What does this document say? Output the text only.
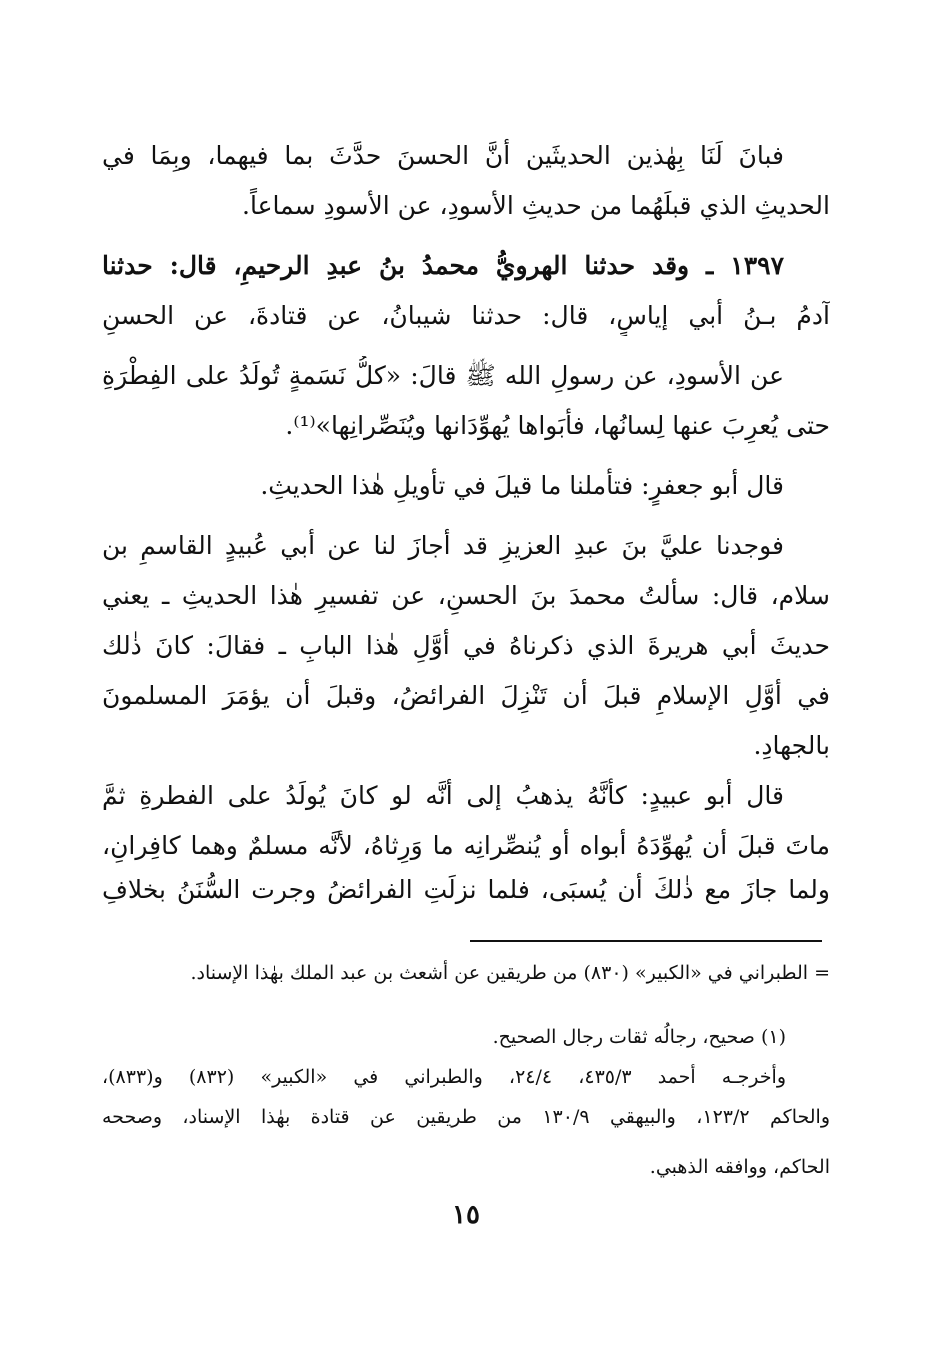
فبانَ لَنَا بِهٰذين الحديثَين أنَّ الحسنَ حدَّثَ بما فيهما، وبِمَا في
الحديثِ الذي قبلَهُما من حديثِ الأسودِ، عن الأسودِ سماعاً.
١٣٩٧ ـ وقد حدثنا الهرويُّ محمدُ بنُ عبدِ الرحيمِ، قال: حدثنا
آدمُ بـنُ أبي إياسٍ، قال: حدثنا شيبانُ، عن قتادةَ، عن الحسنِ
عن الأسودِ، عن رسولِ الله ﷺ قالَ: «كلُّ نَسَمةٍ تُولَدُ على الفِطْرَةِ
حتى يُعرِبَ عنها لِسانُها، فأبَواها يُهوِّدَانها ويُنَصِّرانِها»⁽¹⁾.
قال أبو جعفرٍ: فتأملنا ما قيلَ في تأويلِ هٰذا الحديثِ.
فوجدنا عليَّ بنَ عبدِ العزيزِ قد أجازَ لنا عن أبي عُبيدٍ القاسمِ بن
سلام، قال: سألتُ محمدَ بنَ الحسنِ، عن تفسيرِ هٰذا الحديثِ ـ يعني
حديثَ أبي هريرةَ الذي ذكرناهُ في أوَّلِ هٰذا البابِ ـ فقالَ: كانَ ذٰلك
في أوَّلِ الإسلامِ قبلَ أن تَنْزِلَ الفرائضُ، وقبلَ أن يؤمَرَ المسلمونَ
بالجهادِ.
قال أبو عبيدٍ: كأنَّهُ يذهبُ إلى أنَّه لو كانَ يُولَدُ على الفطرةِ ثمَّ
ماتَ قبلَ أن يُهوِّدَهُ أبواه أو يُنصِّرانِه ما وَرِثاهُ، لأنَّه مسلمٌ وهما كافِرانِ،
ولما جازَ مع ذٰلكَ أن يُسبَى، فلما نزلَتِ الفرائضُ وجرت السُّنَنُ بخلافِ
= الطبراني في «الكبير» (٨٣٠) من طريقين عن أشعث بن عبد الملك بهٰذا الإسناد.
(١) صحيح، رجالُه ثقات رجال الصحيح.
وأخرجـه أحمد ٤٣٥/٣، ٢٤/٤، والطبراني في «الكبير» (٨٣٢) و(٨٣٣)،
والحاكم ١٢٣/٢، والبيهقي ١٣٠/٩ من طريقين عن قتادة بهٰذا الإسناد، وصححه
الحاكم، ووافقه الذهبي.
١٥
